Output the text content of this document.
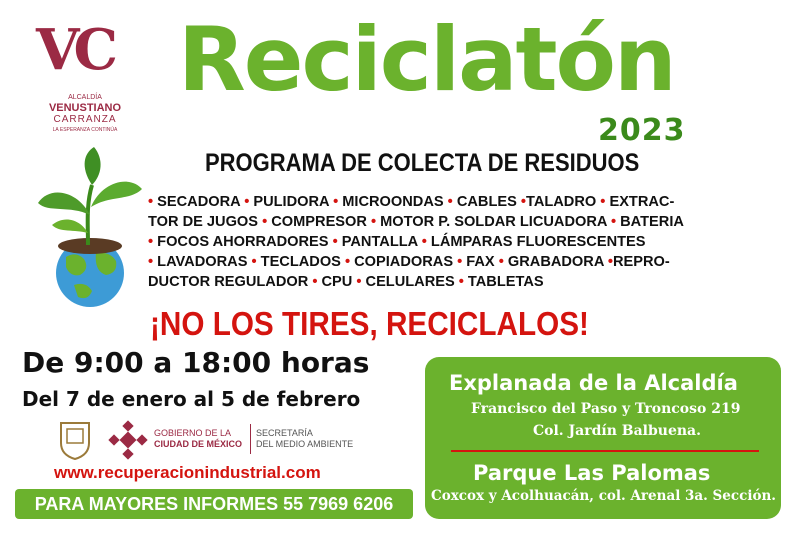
VC
ALCALDÍA
VENUSTIANO
CARRANZA
LA ESPERANZA CONTINÚA
Reciclatón
2023
PROGRAMA DE COLECTA DE RESIDUOS
• SECADORA • PULIDORA • MICROONDAS • CABLES •TALADRO • EXTRAC-
TOR DE JUGOS • COMPRESOR • MOTOR P. SOLDAR LICUADORA • BATERIA
• FOCOS AHORRADORES • PANTALLA • LÁMPARAS FLUORESCENTES
• LAVADORAS • TECLADOS • COPIADORAS • FAX • GRABADORA •REPRO-
DUCTOR REGULADOR • CPU • CELULARES • TABLETAS
¡NO LOS TIRES, RECICLALOS!
De 9:00 a 18:00 horas
Del 7 de enero al 5 de febrero
GOBIERNO DE LA
CIUDAD DE MÉXICO
SECRETARÍA
DEL MEDIO AMBIENTE
www.recuperacionindustrial.com
PARA MAYORES INFORMES 55 7969 6206
Explanada de la Alcaldía
Francisco del Paso y Troncoso 219
Col. Jardín Balbuena.
Parque Las Palomas
Coxcox y Acolhuacán, col. Arenal 3a. Sección.
